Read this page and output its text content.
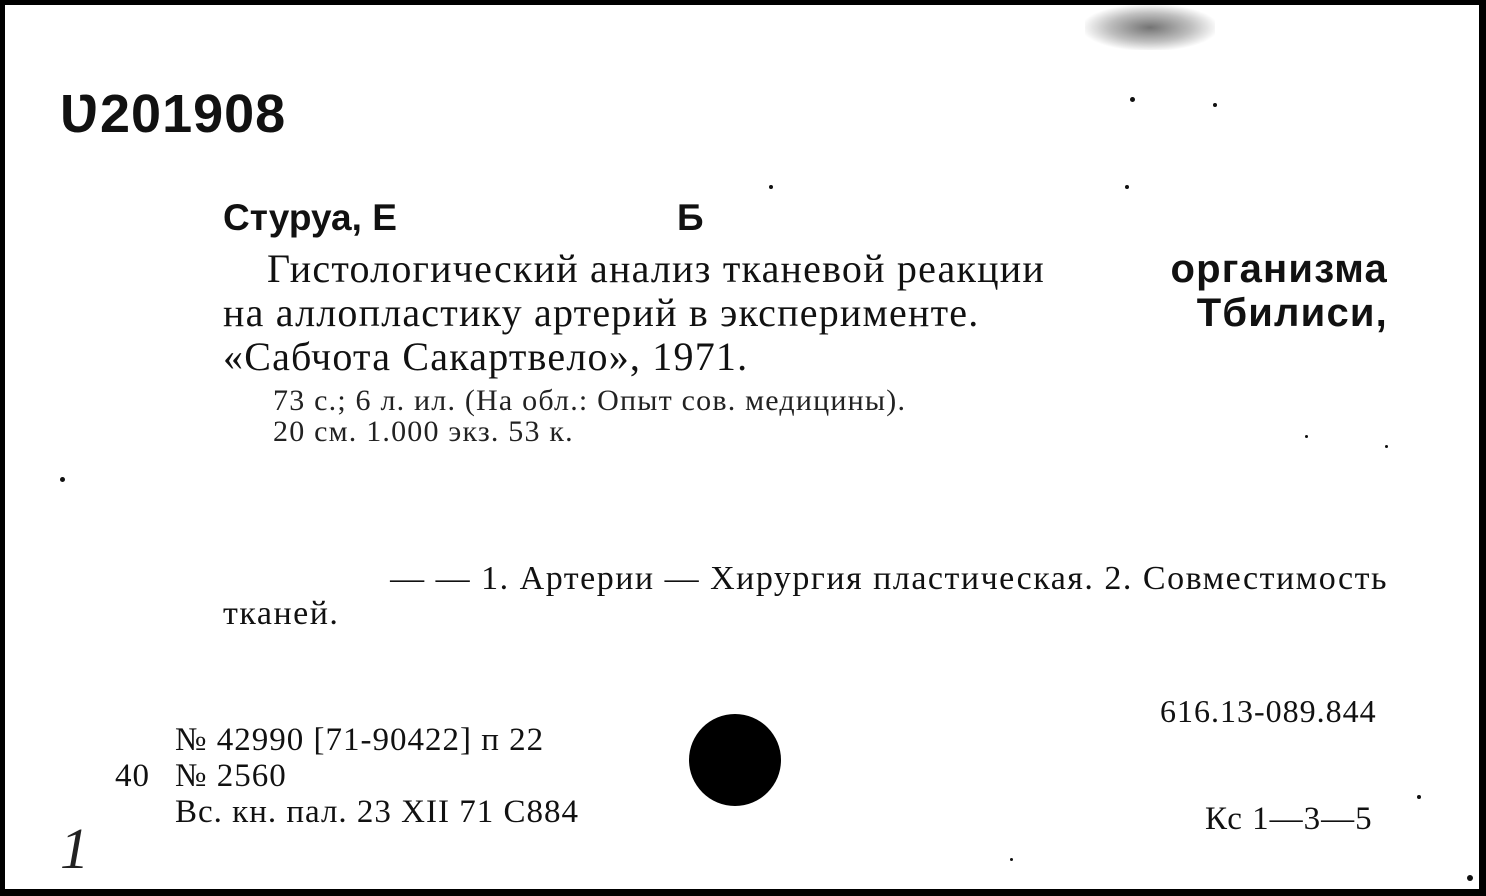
Ʋ201908
Стуруа, Е	Б
Гистологический анализ тканевой реакции	организма
на аллопластику артерий в эксперименте.	Тбилиси,
«Сабчота Сакартвело», 1971.
73 с.; 6 л. ил. (На обл.: Опыт сов. медицины).
20 см. 1.000 экз. 53 к.
— — 1. Артерии — Хирургия пластическая. 2. Совместимость
тканей.
616.13-089.844
№ 42990 [71-90422] п 22
40 № 2560
Вс. кн. пал. 23 XII 71 С884	Кс 1—3—5
1
